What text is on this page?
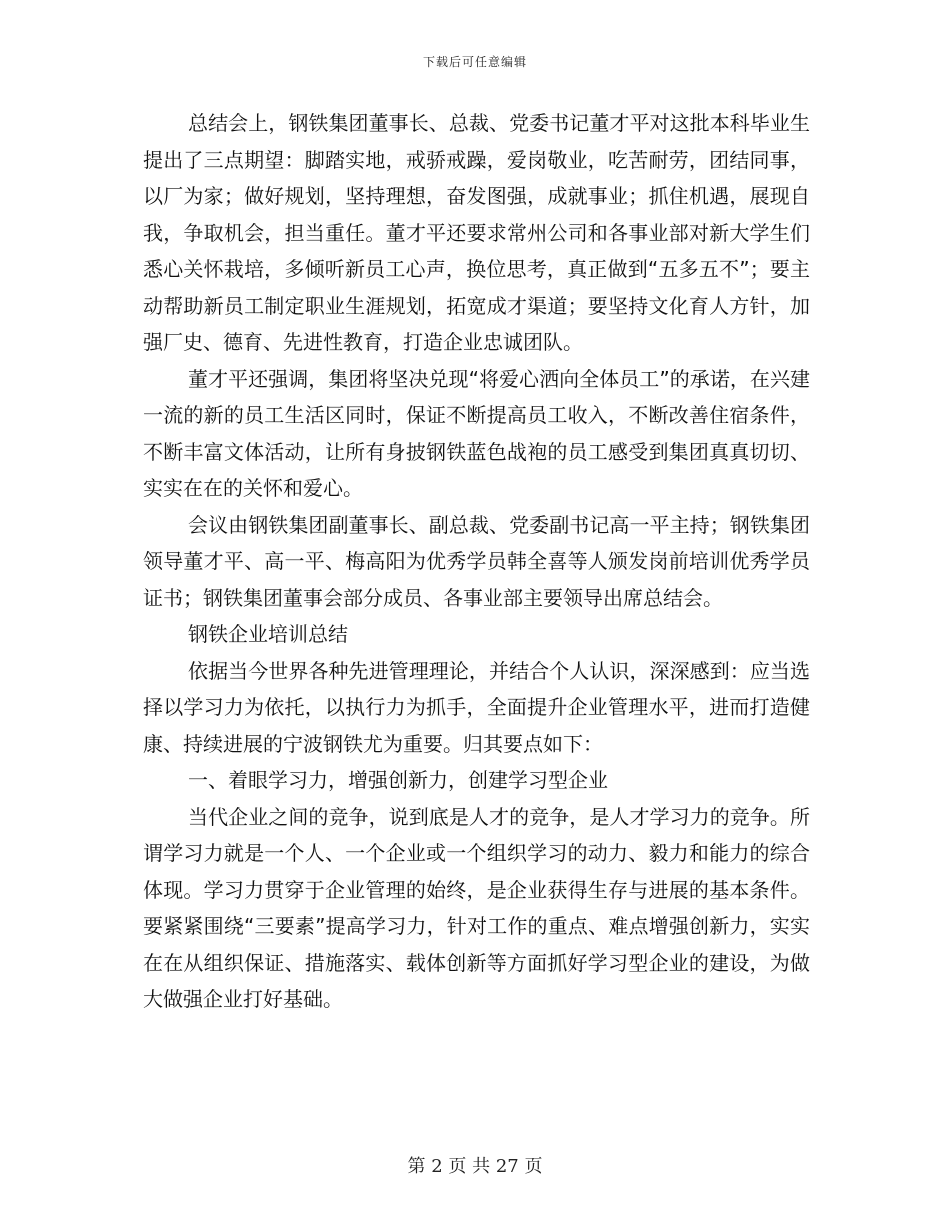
下载后可任意编辑

总结会上，钢铁集团董事长、总裁、党委书记董才平对这批本科毕业生提出了三点期望：脚踏实地，戒骄戒躁，爱岗敬业，吃苦耐劳，团结同事，以厂为家；做好规划，坚持理想，奋发图强，成就事业；抓住机遇，展现自我，争取机会，担当重任。董才平还要求常州公司和各事业部对新大学生们悉心关怀栽培，多倾听新员工心声，换位思考，真正做到“五多五不”；要主动帮助新员工制定职业生涯规划，拓宽成才渠道；要坚持文化育人方针，加强厂史、德育、先进性教育，打造企业忠诚团队。

董才平还强调，集团将坚决兑现“将爱心洒向全体员工”的承诺，在兴建一流的新的员工生活区同时，保证不断提高员工收入，不断改善住宿条件，不断丰富文体活动，让所有身披钢铁蓝色战袍的员工感受到集团真真切切、实实在在的关怀和爱心。

会议由钢铁集团副董事长、副总裁、党委副书记高一平主持；钢铁集团领导董才平、高一平、梅高阳为优秀学员韩全喜等人颁发岗前培训优秀学员证书；钢铁集团董事会部分成员、各事业部主要领导出席总结会。

钢铁企业培训总结

依据当今世界各种先进管理理论，并结合个人认识，深深感到：应当选择以学习力为依托，以执行力为抓手，全面提升企业管理水平，进而打造健康、持续进展的宁波钢铁尤为重要。归其要点如下：

一、着眼学习力，增强创新力，创建学习型企业

当代企业之间的竞争，说到底是人才的竞争，是人才学习力的竞争。所谓学习力就是一个人、一个企业或一个组织学习的动力、毅力和能力的综合体现。学习力贯穿于企业管理的始终，是企业获得生存与进展的基本条件。要紧紧围绕“三要素”提高学习力，针对工作的重点、难点增强创新力，实实在在从组织保证、措施落实、载体创新等方面抓好学习型企业的建设，为做大做强企业打好基础。

第 2 页 共 27 页
